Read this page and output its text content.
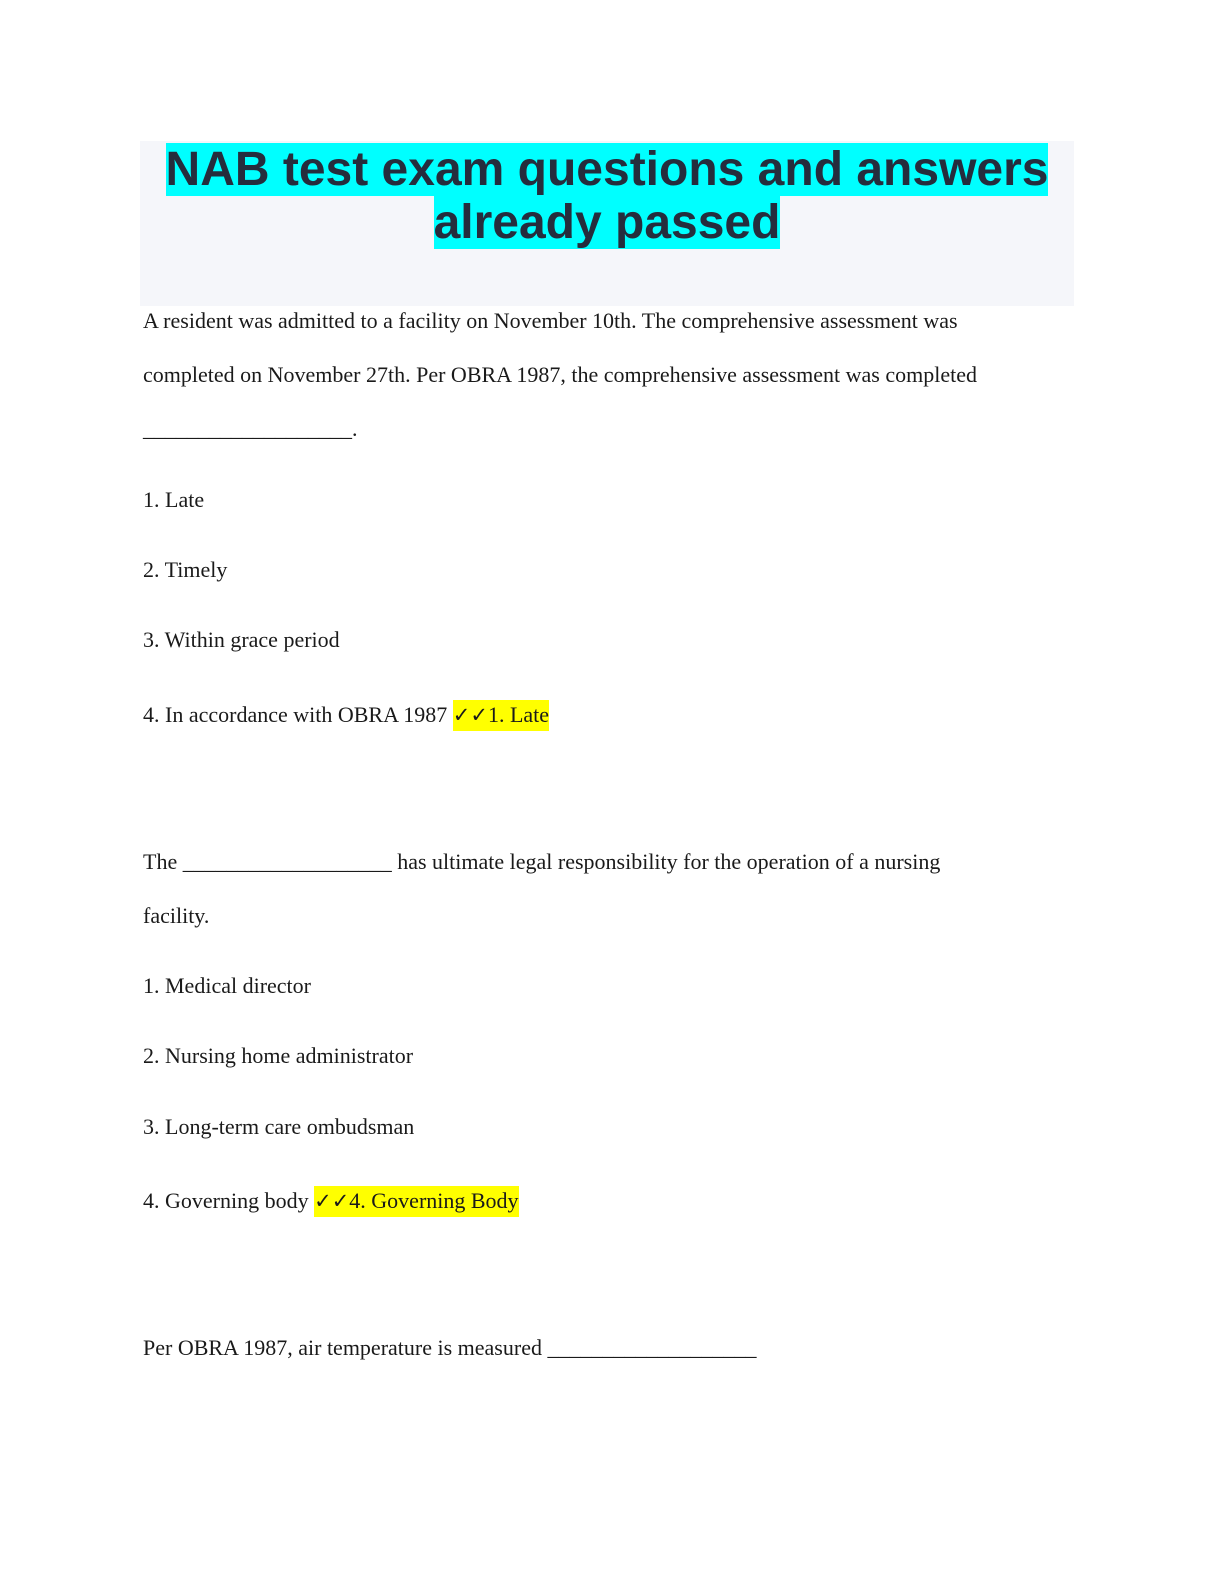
NAB test exam questions and answers
already passed
A resident was admitted to a facility on November 10th. The comprehensive assessment was
completed on November 27th. Per OBRA 1987, the comprehensive assessment was completed
___________________.
1. Late
2. Timely
3. Within grace period
4. In accordance with OBRA 1987 ✓✓1. Late
The ___________________ has ultimate legal responsibility for the operation of a nursing
facility.
1. Medical director
2. Nursing home administrator
3. Long-term care ombudsman
4. Governing body ✓✓4. Governing Body
Per OBRA 1987, air temperature is measured ___________________
